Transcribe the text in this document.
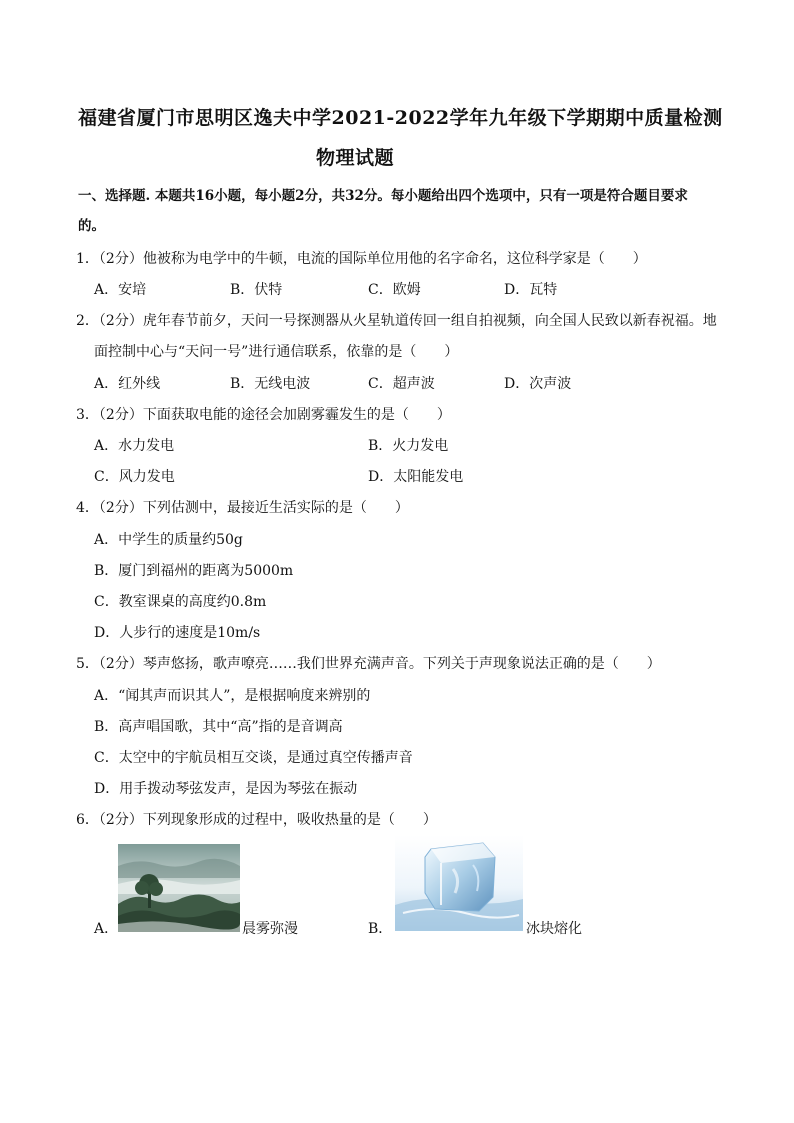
福建省厦门市思明区逸夫中学2021-2022学年九年级下学期期中质量检测
物理试题
一、选择题. 本题共16小题，每小题2分，共32分。每小题给出四个选项中，只有一项是符合题目要求
的。
1．（2分）他被称为电学中的牛顿，电流的国际单位用他的名字命名，这位科学家是（　　）
A．安培	B．伏特	C．欧姆	D．瓦特
2．（2分）虎年春节前夕，天问一号探测器从火星轨道传回一组自拍视频，向全国人民致以新春祝福。地
面控制中心与“天问一号”进行通信联系，依靠的是（　　）
A．红外线	B．无线电波	C．超声波	D．次声波
3．（2分）下面获取电能的途径会加剧雾霾发生的是（　　）
A．水力发电	B．火力发电
C．风力发电	D．太阳能发电
4．（2分）下列估测中，最接近生活实际的是（　　）
A．中学生的质量约50g
B．厦门到福州的距离为5000m
C．教室课桌的高度约0.8m
D．人步行的速度是10m/s
5．（2分）琴声悠扬，歌声嘹亮……我们世界充满声音。下列关于声现象说法正确的是（　　）
A．“闻其声而识其人”，是根据响度来辨别的
B．高声唱国歌，其中“高”指的是音调高
C．太空中的宇航员相互交谈，是通过真空传播声音
D．用手拨动琴弦发声，是因为琴弦在振动
6．（2分）下列现象形成的过程中，吸收热量的是（　　）
A．	晨雾弥漫	B．	冰块熔化
